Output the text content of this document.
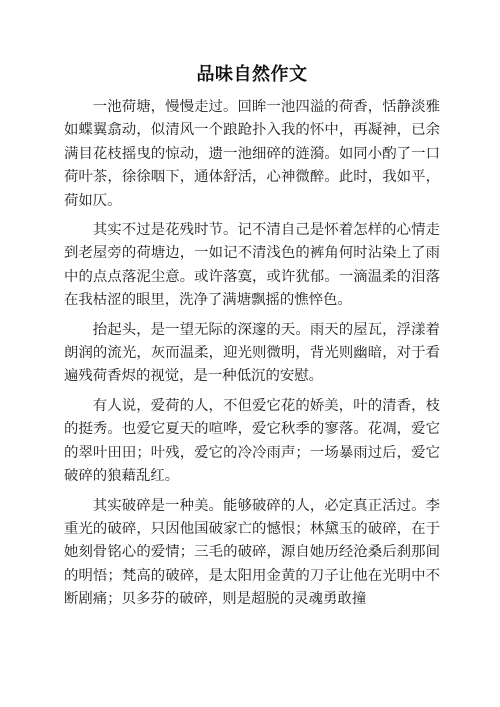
品味自然作文

一池荷塘，慢慢走过。回眸一池四溢的荷香，恬静淡雅如蝶翼翕动，似清风一个踉跄扑入我的怀中，再凝神，已余满目花枝摇曳的惊动，遗一池细碎的涟漪。如同小酌了一口荷叶茶，徐徐咽下，通体舒活，心神微醉。此时，我如平，荷如仄。

其实不过是花残时节。记不清自己是怀着怎样的心情走到老屋旁的荷塘边，一如记不清浅色的裤角何时沾染上了雨中的点点落泥尘意。或许落寞，或许犹郁。一滴温柔的泪落在我枯涩的眼里，洗净了满塘飘摇的憔悴色。

抬起头，是一望无际的深邃的天。雨天的屋瓦，浮漾着朗润的流光，灰而温柔，迎光则微明，背光则幽暗，对于看遍残荷香烬的视觉，是一种低沉的安慰。

有人说，爱荷的人，不但爱它花的娇美，叶的清香，枝的挺秀。也爱它夏天的喧哗，爱它秋季的寥落。花凋，爱它的翠叶田田；叶残，爱它的冷冷雨声；一场暴雨过后，爱它破碎的狼藉乱红。

其实破碎是一种美。能够破碎的人，必定真正活过。李重光的破碎，只因他国破家亡的憾恨；林黛玉的破碎，在于她刻骨铭心的爱情；三毛的破碎，源自她历经沧桑后刹那间的明悟；梵高的破碎，是太阳用金黄的刀子让他在光明中不断剧痛；贝多芬的破碎，则是超脱的灵魂勇敢撞
